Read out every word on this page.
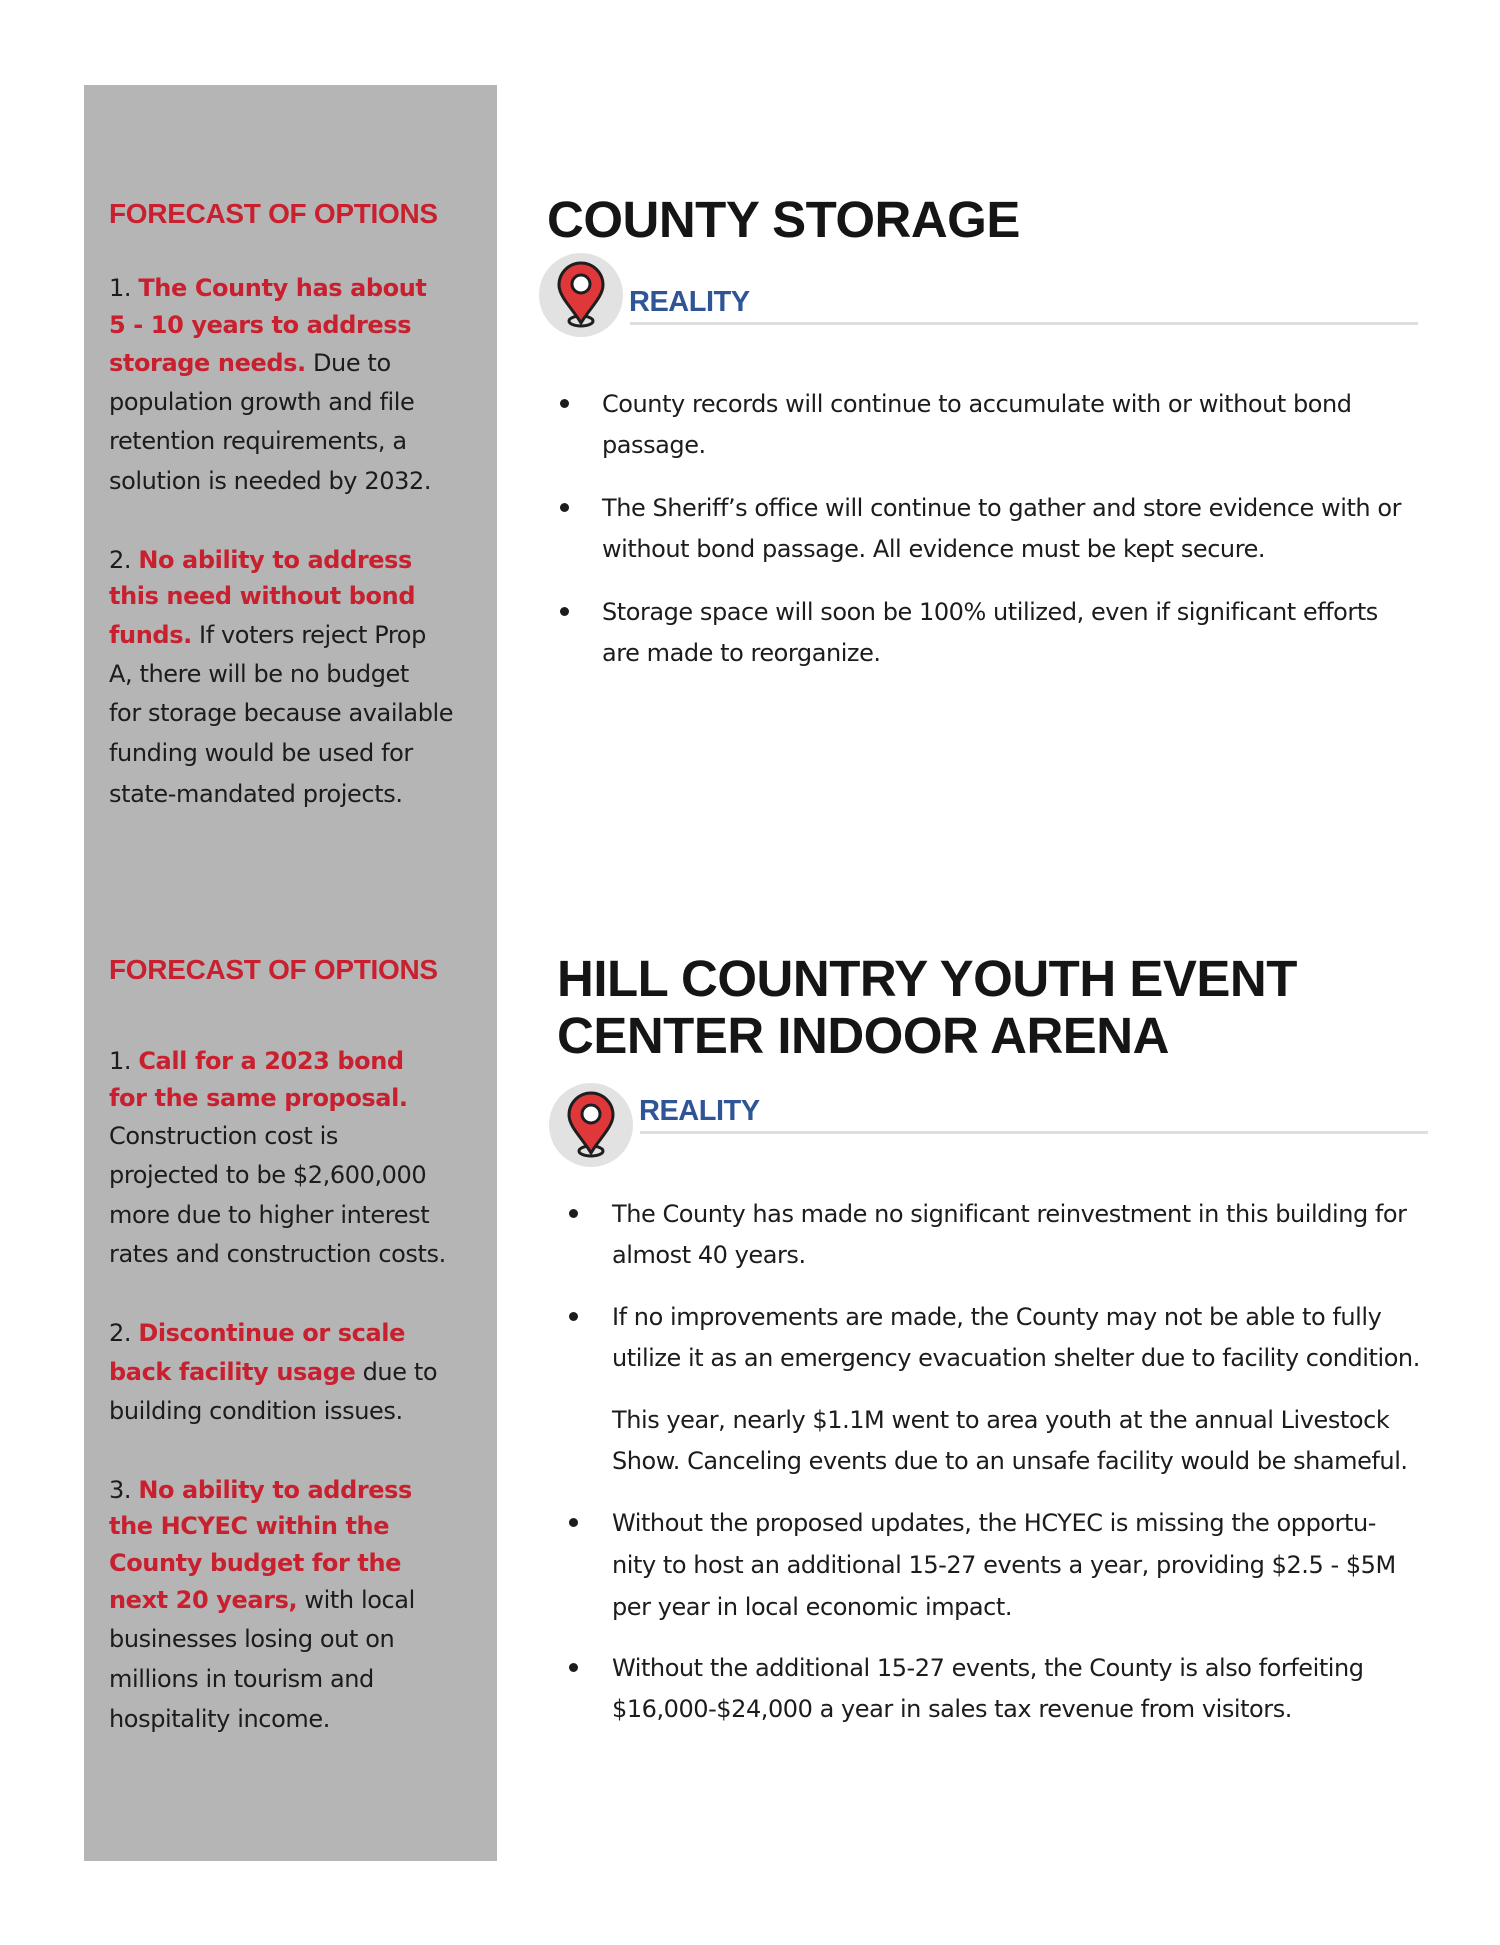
FORECAST OF OPTIONS
1. The County has about
5 - 10 years to address
storage needs. Due to
population growth and file
retention requirements, a
solution is needed by 2032.
2. No ability to address
this need without bond
funds. If voters reject Prop
A, there will be no budget
for storage because available
funding would be used for
state-mandated projects.
FORECAST OF OPTIONS
1. Call for a 2023 bond
for the same proposal.
Construction cost is
projected to be $2,600,000
more due to higher interest
rates and construction costs.
2. Discontinue or scale
back facility usage due to
building condition issues.
3. No ability to address
the HCYEC within the
County budget for the
next 20 years, with local
businesses losing out on
millions in tourism and
hospitality income.
COUNTY STORAGE
REALITY
County records will continue to accumulate with or without bond
passage.
The Sheriff’s office will continue to gather and store evidence with or
without bond passage. All evidence must be kept secure.
Storage space will soon be 100% utilized, even if significant efforts
are made to reorganize.
HILL COUNTRY YOUTH EVENT
CENTER INDOOR ARENA
REALITY
The County has made no significant reinvestment in this building for
almost 40 years.
If no improvements are made, the County may not be able to fully
utilize it as an emergency evacuation shelter due to facility condition.
This year, nearly $1.1M went to area youth at the annual Livestock
Show. Canceling events due to an unsafe facility would be shameful.
Without the proposed updates, the HCYEC is missing the opportu-
nity to host an additional 15-27 events a year, providing $2.5 - $5M
per year in local economic impact.
Without the additional 15-27 events, the County is also forfeiting
$16,000-$24,000 a year in sales tax revenue from visitors.
